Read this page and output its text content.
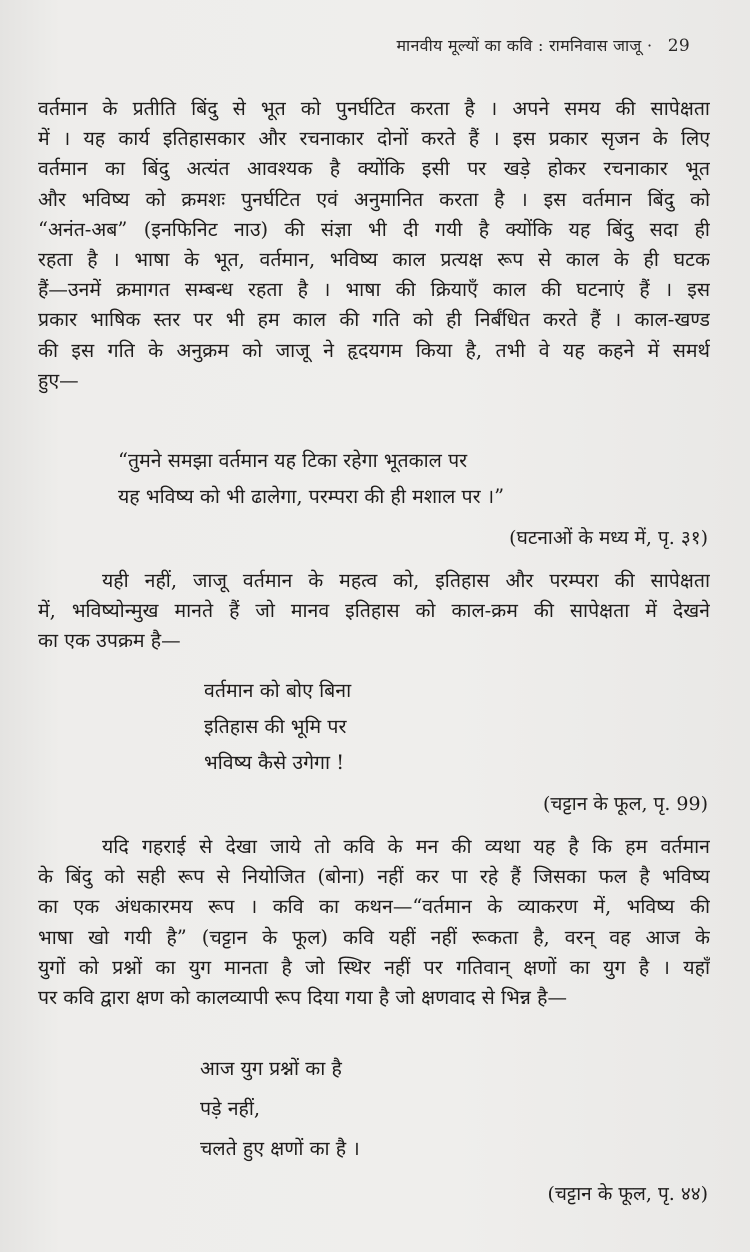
मानवीय मूल्यों का कवि : रामनिवास जाजू · 29
वर्तमान के प्रतीति बिंदु से भूत को पुनर्घटित करता है । अपने समय की सापेक्षता
में । यह कार्य इतिहासकार और रचनाकार दोनों करते हैं । इस प्रकार सृजन के लिए
वर्तमान का बिंदु अत्यंत आवश्यक है क्योंकि इसी पर खड़े होकर रचनाकार भूत
और भविष्य को क्रमशः पुनर्घटित एवं अनुमानित करता है । इस वर्तमान बिंदु को
“अनंत-अब” (इनफिनिट नाउ) की संज्ञा भी दी गयी है क्योंकि यह बिंदु सदा ही
रहता है । भाषा के भूत, वर्तमान, भविष्य काल प्रत्यक्ष रूप से काल के ही घटक
हैं—उनमें क्रमागत सम्बन्ध रहता है । भाषा की क्रियाएँ काल की घटनाएं हैं । इस
प्रकार भाषिक स्तर पर भी हम काल की गति को ही निर्बंधित करते हैं । काल-खण्ड
की इस गति के अनुक्रम को जाजू ने हृदयगम किया है, तभी वे यह कहने में समर्थ
हुए—
“तुमने समझा वर्तमान यह टिका रहेगा भूतकाल पर
यह भविष्य को भी ढालेगा, परम्परा की ही मशाल पर ।”
(घटनाओं के मध्य में, पृ. ३१)
यही नहीं, जाजू वर्तमान के महत्व को, इतिहास और परम्परा की सापेक्षता
में, भविष्योन्मुख मानते हैं जो मानव इतिहास को काल-क्रम की सापेक्षता में देखने
का एक उपक्रम है—
वर्तमान को बोए बिना
इतिहास की भूमि पर
भविष्य कैसे उगेगा !
(चट्टान के फूल, पृ. 99)
यदि गहराई से देखा जाये तो कवि के मन की व्यथा यह है कि हम वर्तमान
के बिंदु को सही रूप से नियोजित (बोना) नहीं कर पा रहे हैं जिसका फल है भविष्य
का एक अंधकारमय रूप । कवि का कथन—“वर्तमान के व्याकरण में, भविष्य की
भाषा खो गयी है” (चट्टान के फूल) कवि यहीं नहीं रूकता है, वरन् वह आज के
युगों को प्रश्नों का युग मानता है जो स्थिर नहीं पर गतिवान् क्षणों का युग है । यहाँ
पर कवि द्वारा क्षण को कालव्यापी रूप दिया गया है जो क्षणवाद से भिन्न है—
आज युग प्रश्नों का है
पड़े नहीं,
चलते हुए क्षणों का है ।
(चट्टान के फूल, पृ. ४४)
